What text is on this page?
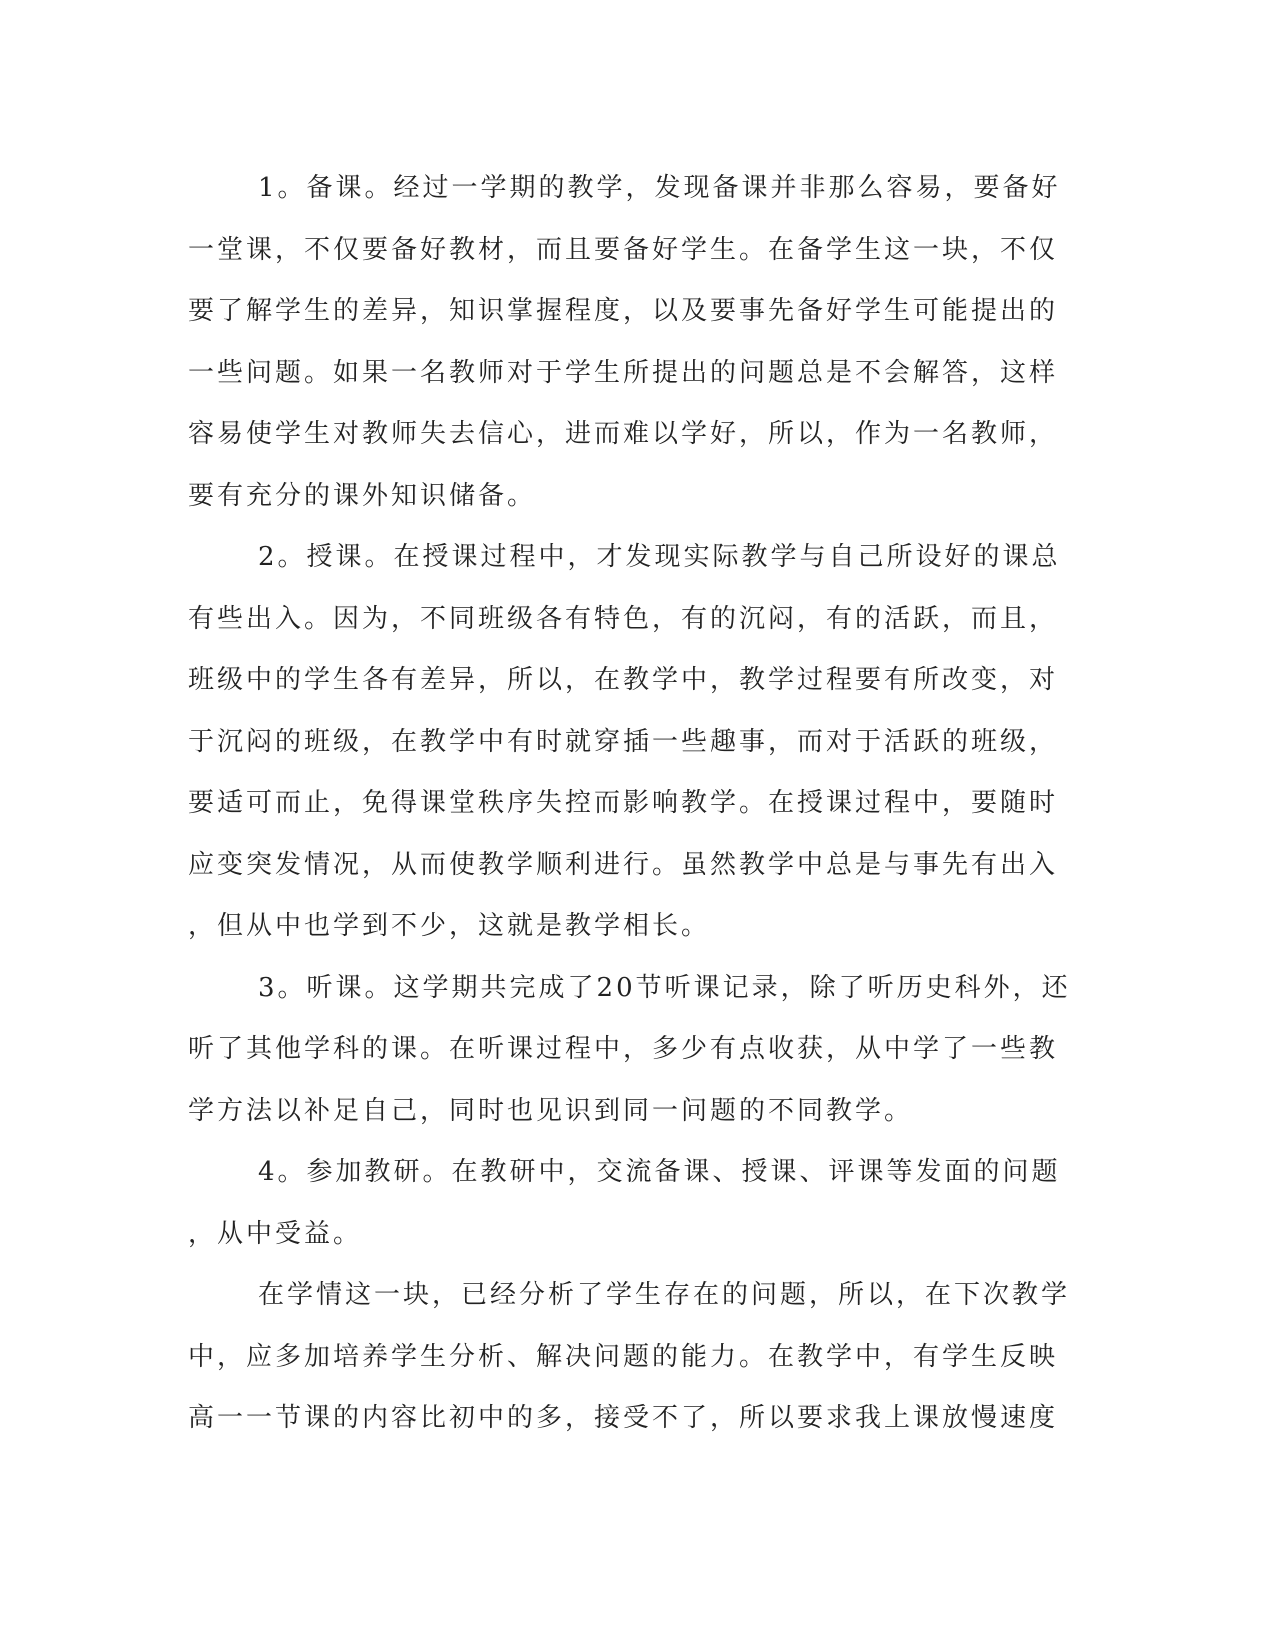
1。备课。经过一学期的教学，发现备课并非那么容易，要备好
一堂课，不仅要备好教材，而且要备好学生。在备学生这一块，不仅
要了解学生的差异，知识掌握程度，以及要事先备好学生可能提出的
一些问题。如果一名教师对于学生所提出的问题总是不会解答，这样
容易使学生对教师失去信心，进而难以学好，所以，作为一名教师，
要有充分的课外知识储备。
2。授课。在授课过程中，才发现实际教学与自己所设好的课总
有些出入。因为，不同班级各有特色，有的沉闷，有的活跃，而且，
班级中的学生各有差异，所以，在教学中，教学过程要有所改变，对
于沉闷的班级，在教学中有时就穿插一些趣事，而对于活跃的班级，
要适可而止，免得课堂秩序失控而影响教学。在授课过程中，要随时
应变突发情况，从而使教学顺利进行。虽然教学中总是与事先有出入
，但从中也学到不少，这就是教学相长。
3。听课。这学期共完成了20节听课记录，除了听历史科外，还
听了其他学科的课。在听课过程中，多少有点收获，从中学了一些教
学方法以补足自己，同时也见识到同一问题的不同教学。
4。参加教研。在教研中，交流备课、授课、评课等发面的问题
，从中受益。
在学情这一块，已经分析了学生存在的问题，所以，在下次教学
中，应多加培养学生分析、解决问题的能力。在教学中，有学生反映
高一一节课的内容比初中的多，接受不了，所以要求我上课放慢速度
